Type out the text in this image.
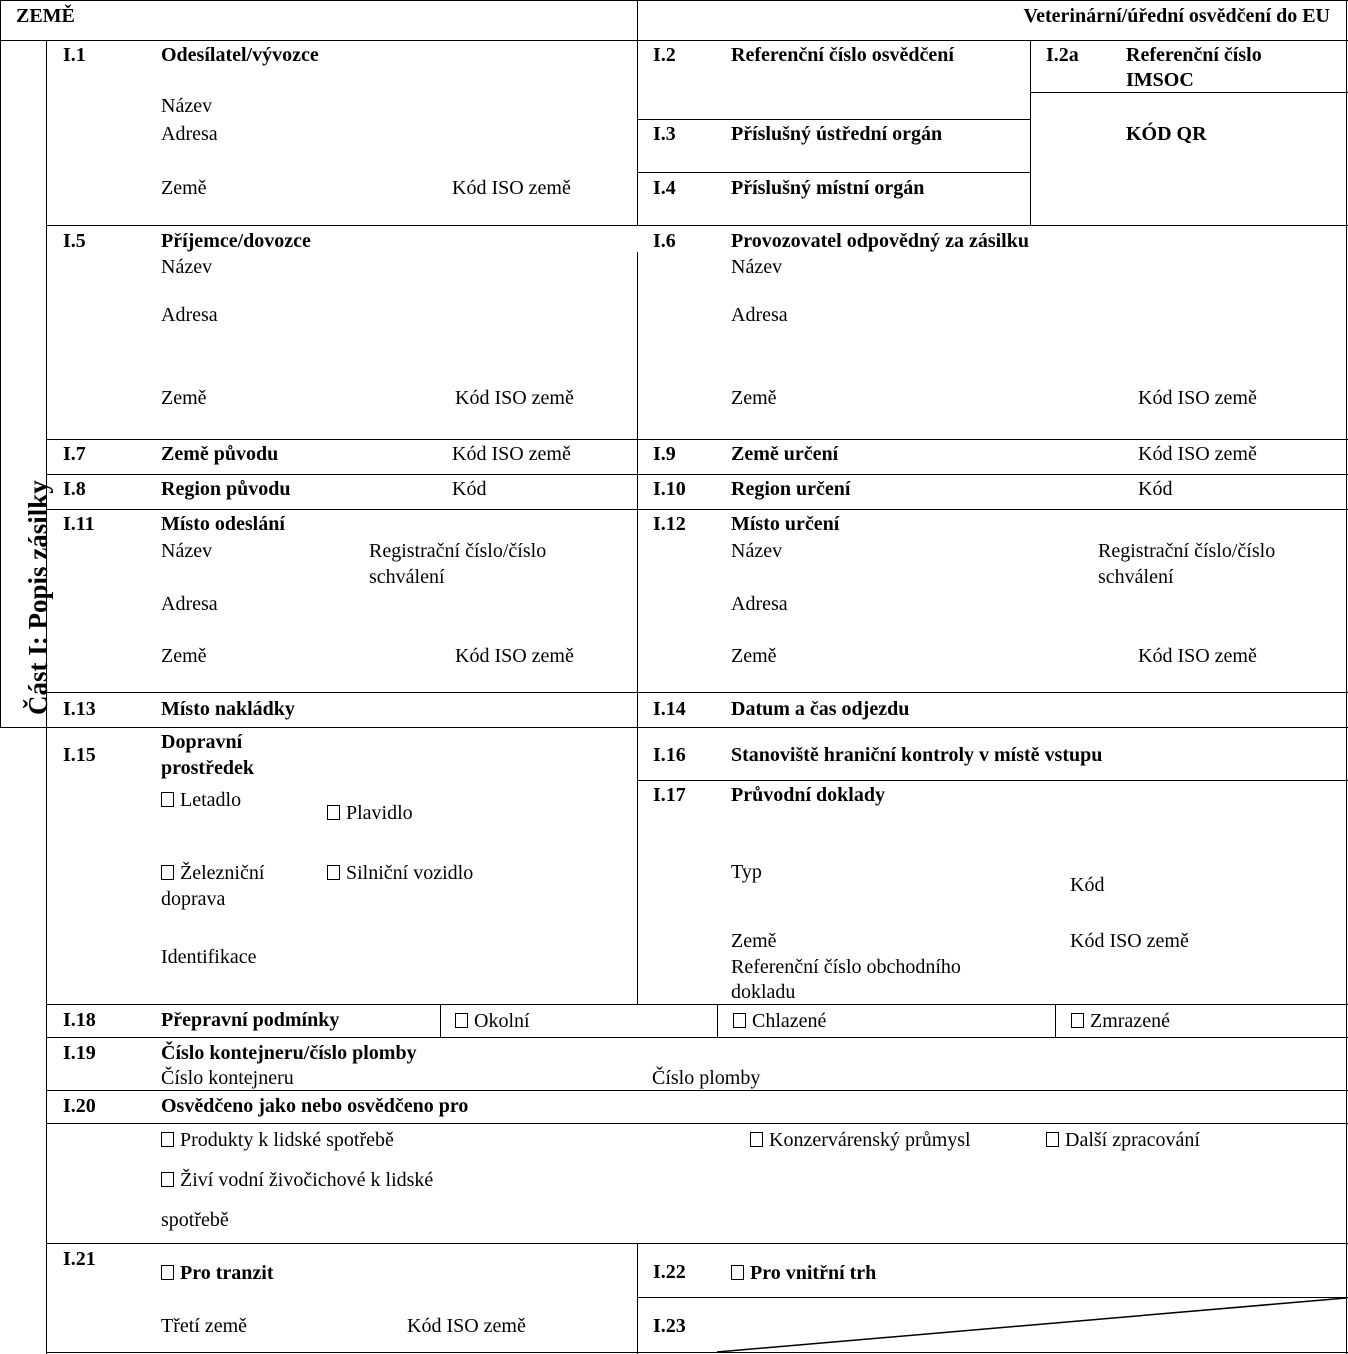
ZEMĚ	Veterinární/úřední osvědčení do EU
Část I: Popis zásilky
I.1	Odesílatel/vývozce
Název
Adresa
Země	Kód ISO země
I.2	Referenční číslo osvědčení	I.2a Referenční číslo
IMSOC
KÓD QR
I.3	Příslušný ústřední orgán
I.4	Příslušný místní orgán
I.5	Příjemce/dovozce
Název
Adresa
Země	Kód ISO země
I.6	Provozovatel odpovědný za zásilku
Název
Adresa
Země	Kód ISO země
I.7	Země původu	Kód ISO země	I.9	Země určení	Kód ISO země
I.8	Region původu	Kód	I.10 Region určení	Kód
I.11	Místo odeslání
Název	Registrační číslo/číslo
schválení
Adresa
Země	Kód ISO země
I.12 Místo určení
Název	Registrační číslo/číslo
schválení
Adresa
Země	Kód ISO země
I.13	Místo nakládky	I.14 Datum a čas odjezdu
I.15
Dopravní
prostředek
Letadlo
Plavidlo
Železniční
doprava
Silniční vozidlo
Identifikace
I.16 Stanoviště hraniční kontroly v místě vstupu
I.17 Průvodní doklady
Typ
Kód
Země	Kód ISO země
Referenční číslo obchodního
dokladu
I.18	Přepravní podmínky	Okolní	Chlazené	Zmrazené
I.19	Číslo kontejneru/číslo plomby
Číslo kontejneru	Číslo plomby
I.20	Osvědčeno jako nebo osvědčeno pro
Produkty k lidské spotřebě	Konzervárenský průmysl	Další zpracování
Živí vodní živočichové k lidské
spotřebě
I.21
Pro tranzit
Třetí země	Kód ISO země
I.22	Pro vnitřní trh
I.23
